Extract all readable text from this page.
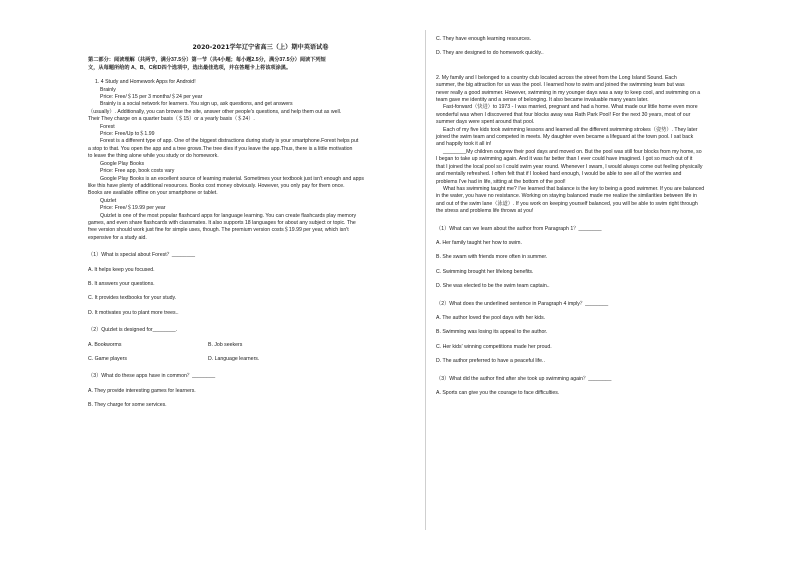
2020-2021学年辽宁省高三（上）期中英语试卷

第二部分：阅读理解（共两节，满分37.5分）第一节（共4小题；每小题2.5分，满分37.5分）阅读下列短

文，从每题所给的 A、B、C和D四个选项中，选出最佳选项，并在答题卡上将该项涂黑。

1. 4 Study and Homework Apps for Android!

Brainly

Price: Free/＄15 per 3 months/＄24 per year

Brainly is a social network for learners. You sign up, ask questions, and get answers

（usually）. Additionally, you can browse the site, answer other people's questions, and help them out as well.

Their They charge on a quarter basis（＄15）or a yearly basis（＄24）.

Forest

Price: Free/Up to＄1.99

Forest is a different type of app. One of the biggest distractions during study is your smartphone.Forest helps put

a stop to that. You open the app and a tree grows.The tree dies if you leave the app.Thus, there is a little motivation

to leave the thing alone while you study or do homework.

Google Play Books

Price: Free app, book costs vary

Google Play Books is an excellent source of learning material. Sometimes your textbook just isn't enough and apps

like this have plenty of additional resources. Books cost money obviously. However, you only pay for them once.

Books are available offline on your smartphone or tablet.

Quizlet

Price: Free/＄19.99 per year

Quizlet is one of the most popular flashcard apps for language learning. You can create flashcards play memory

games, and even share flashcards with classmates. It also supports 18 languages for about any subject or topic. The

free version should work just fine for simple uses, though. The premium version costs＄19.99 per year, which isn't

expensive for a study aid.

（1）What is special about Forest？________

A. It helps keep you focused.

B. It answers your questions.

C. It provides textbooks for your study.

D. It motivates you to plant more trees..

（2）Quizlet is designed for________.

A. Bookworms	B. Job seekers
C. Game players	D. Language learners.

（3）What do these apps have in common？________

A. They provide interesting games for learners.

B. They charge for some services.

C. They have enough learning resources.

D. They are designed to do homework quickly..

2. My family and I belonged to a country club located across the street from the Long Island Sound. Each

summer, the big attraction for us was the pool. I learned how to swim and joined the swimming team but was

never really a good swimmer. However, swimming in my younger days was a way to keep cool, and swimming on a

team gave me identity and a sense of belonging. It also became invaluable many years later.

Fast-forward（快进）to 1973 - I was married, pregnant and had a home. What made our little home even more

wonderful was when I discovered that four blocks away was Rath Park Pool! For the next 30 years, most of our

summer days were spent around that pool.

Each of my five kids took swimming lessons and learned all the different swimming strokes（姿势）. They later

joined the swim team and competed in meets. My daughter even became a lifeguard at the town pool. I sat back

and happily took it all in!

________My children outgrew their pool days and moved on. But the pool was still four blocks from my home, so

I began to take up swimming again. And it was far better than I ever could have imagined. I got so much out of it

that I joined the local pool so I could swim year round. Whenever I swam, I would always come out feeling physically

and mentally refreshed. I often felt that if I looked hard enough, I would be able to see all of the worries and

problems I've had in life, sitting at the bottom of the pool!

What has swimming taught me? I've learned that balance is the key to being a good swimmer. If you are balanced

in the water, you have no resistance. Working on staying balanced made me realize the similarities between life in

and out of the swim lane（泳道）. If you work on keeping yourself balanced, you will be able to swim right through

the stress and problems life throws at you!

（1）What can we learn about the author from Paragraph 1？________

A. Her family taught her how to swim.

B. She swam with friends more often in summer.

C. Swimming brought her lifelong benefits.

D. She was elected to be the swim team captain..

（2）What does the underlined sentence in Paragraph 4 imply？________

A. The author loved the pool days with her kids.

B. Swimming was losing its appeal to the author.

C. Her kids' winning competitions made her proud.

D. The author preferred to have a peaceful life..

（3）What did the author find after she took up swimming again？________

A. Sports can give you the courage to face difficulties.
